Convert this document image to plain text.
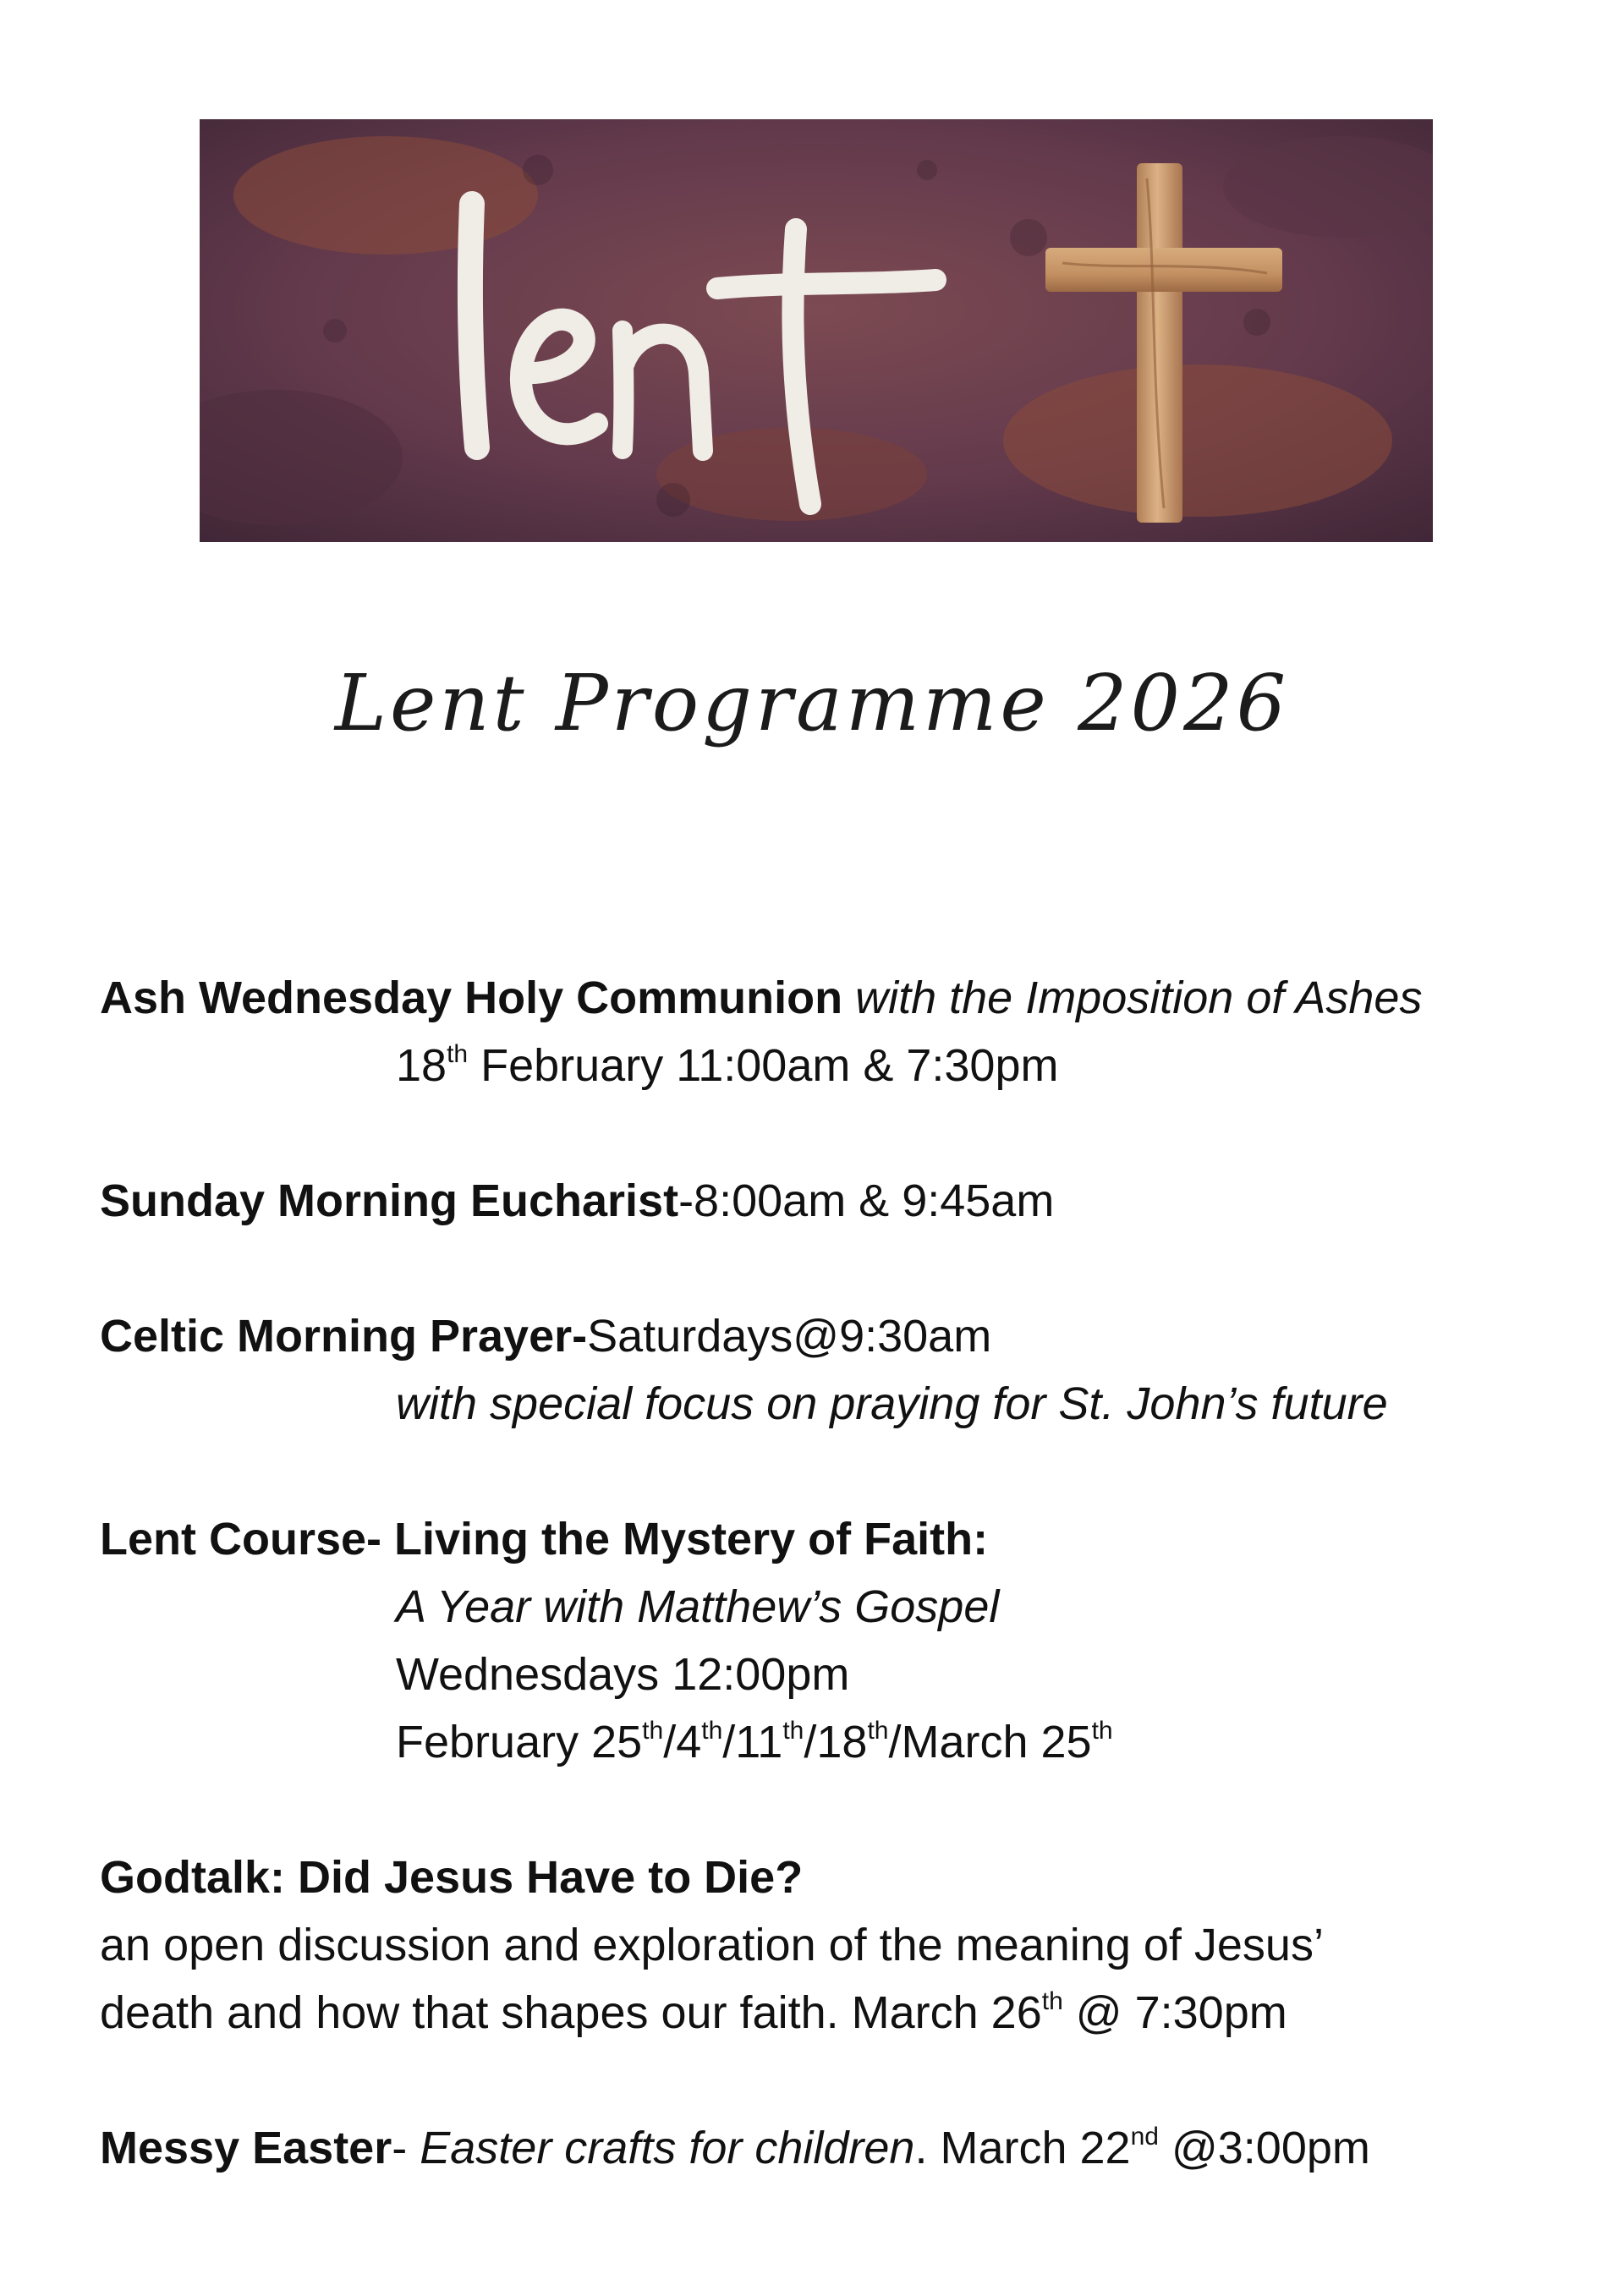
Lent Programme 2026
Ash Wednesday Holy Communion with the Imposition of Ashes
18th February 11:00am & 7:30pm
Sunday Morning Eucharist-8:00am & 9:45am
Celtic Morning Prayer-Saturdays@9:30am
with special focus on praying for St. John’s future
Lent Course- Living the Mystery of Faith:
A Year with Matthew’s Gospel
Wednesdays 12:00pm
February 25th/4th/11th/18th/March 25th
Godtalk: Did Jesus Have to Die?
an open discussion and exploration of the meaning of Jesus’
death and how that shapes our faith. March 26th @ 7:30pm
Messy Easter- Easter crafts for children. March 22nd @3:00pm
